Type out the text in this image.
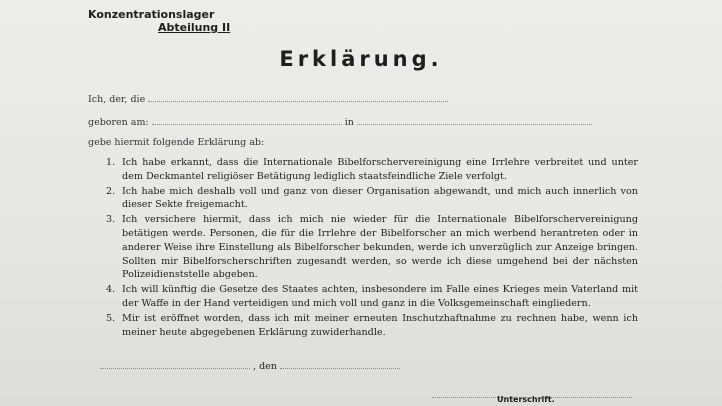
Konzentrationslager
Abteilung II
Erklärung.
Ich, der, die
geboren am:	in
gebe hiermit folgende Erklärung ab:
1. Ich habe erkannt, dass die Internationale Bibelforschervereinigung eine Irrlehre verbreitet und unter dem Deckmantel religiöser Betätigung lediglich staatsfeindliche Ziele verfolgt.
2. Ich habe mich deshalb voll und ganz von dieser Organisation abgewandt, und mich auch innerlich von dieser Sekte freigemacht.
3. Ich versichere hiermit, dass ich mich nie wieder für die Internationale Bibelforschervereinigung betätigen werde. Personen, die für die Irrlehre der Bibelforscher an mich werbend herantreten oder in anderer Weise ihre Einstellung als Bibelforscher bekunden, werde ich unverzüglich zur Anzeige bringen. Sollten mir Bibelforscherschriften zugesandt werden, so werde ich diese umgehend bei der nächsten Polizeidienststelle abgeben.
4. Ich will künftig die Gesetze des Staates achten, insbesondere im Falle eines Krieges mein Vaterland mit der Waffe in der Hand verteidigen und mich voll und ganz in die Volksgemeinschaft eingliedern.
5. Mir ist eröffnet worden, dass ich mit meiner erneuten Inschutzhaftnahme zu rechnen habe, wenn ich meiner heute abgegebenen Erklärung zuwiderhandle.
, den
Unterschrift.
